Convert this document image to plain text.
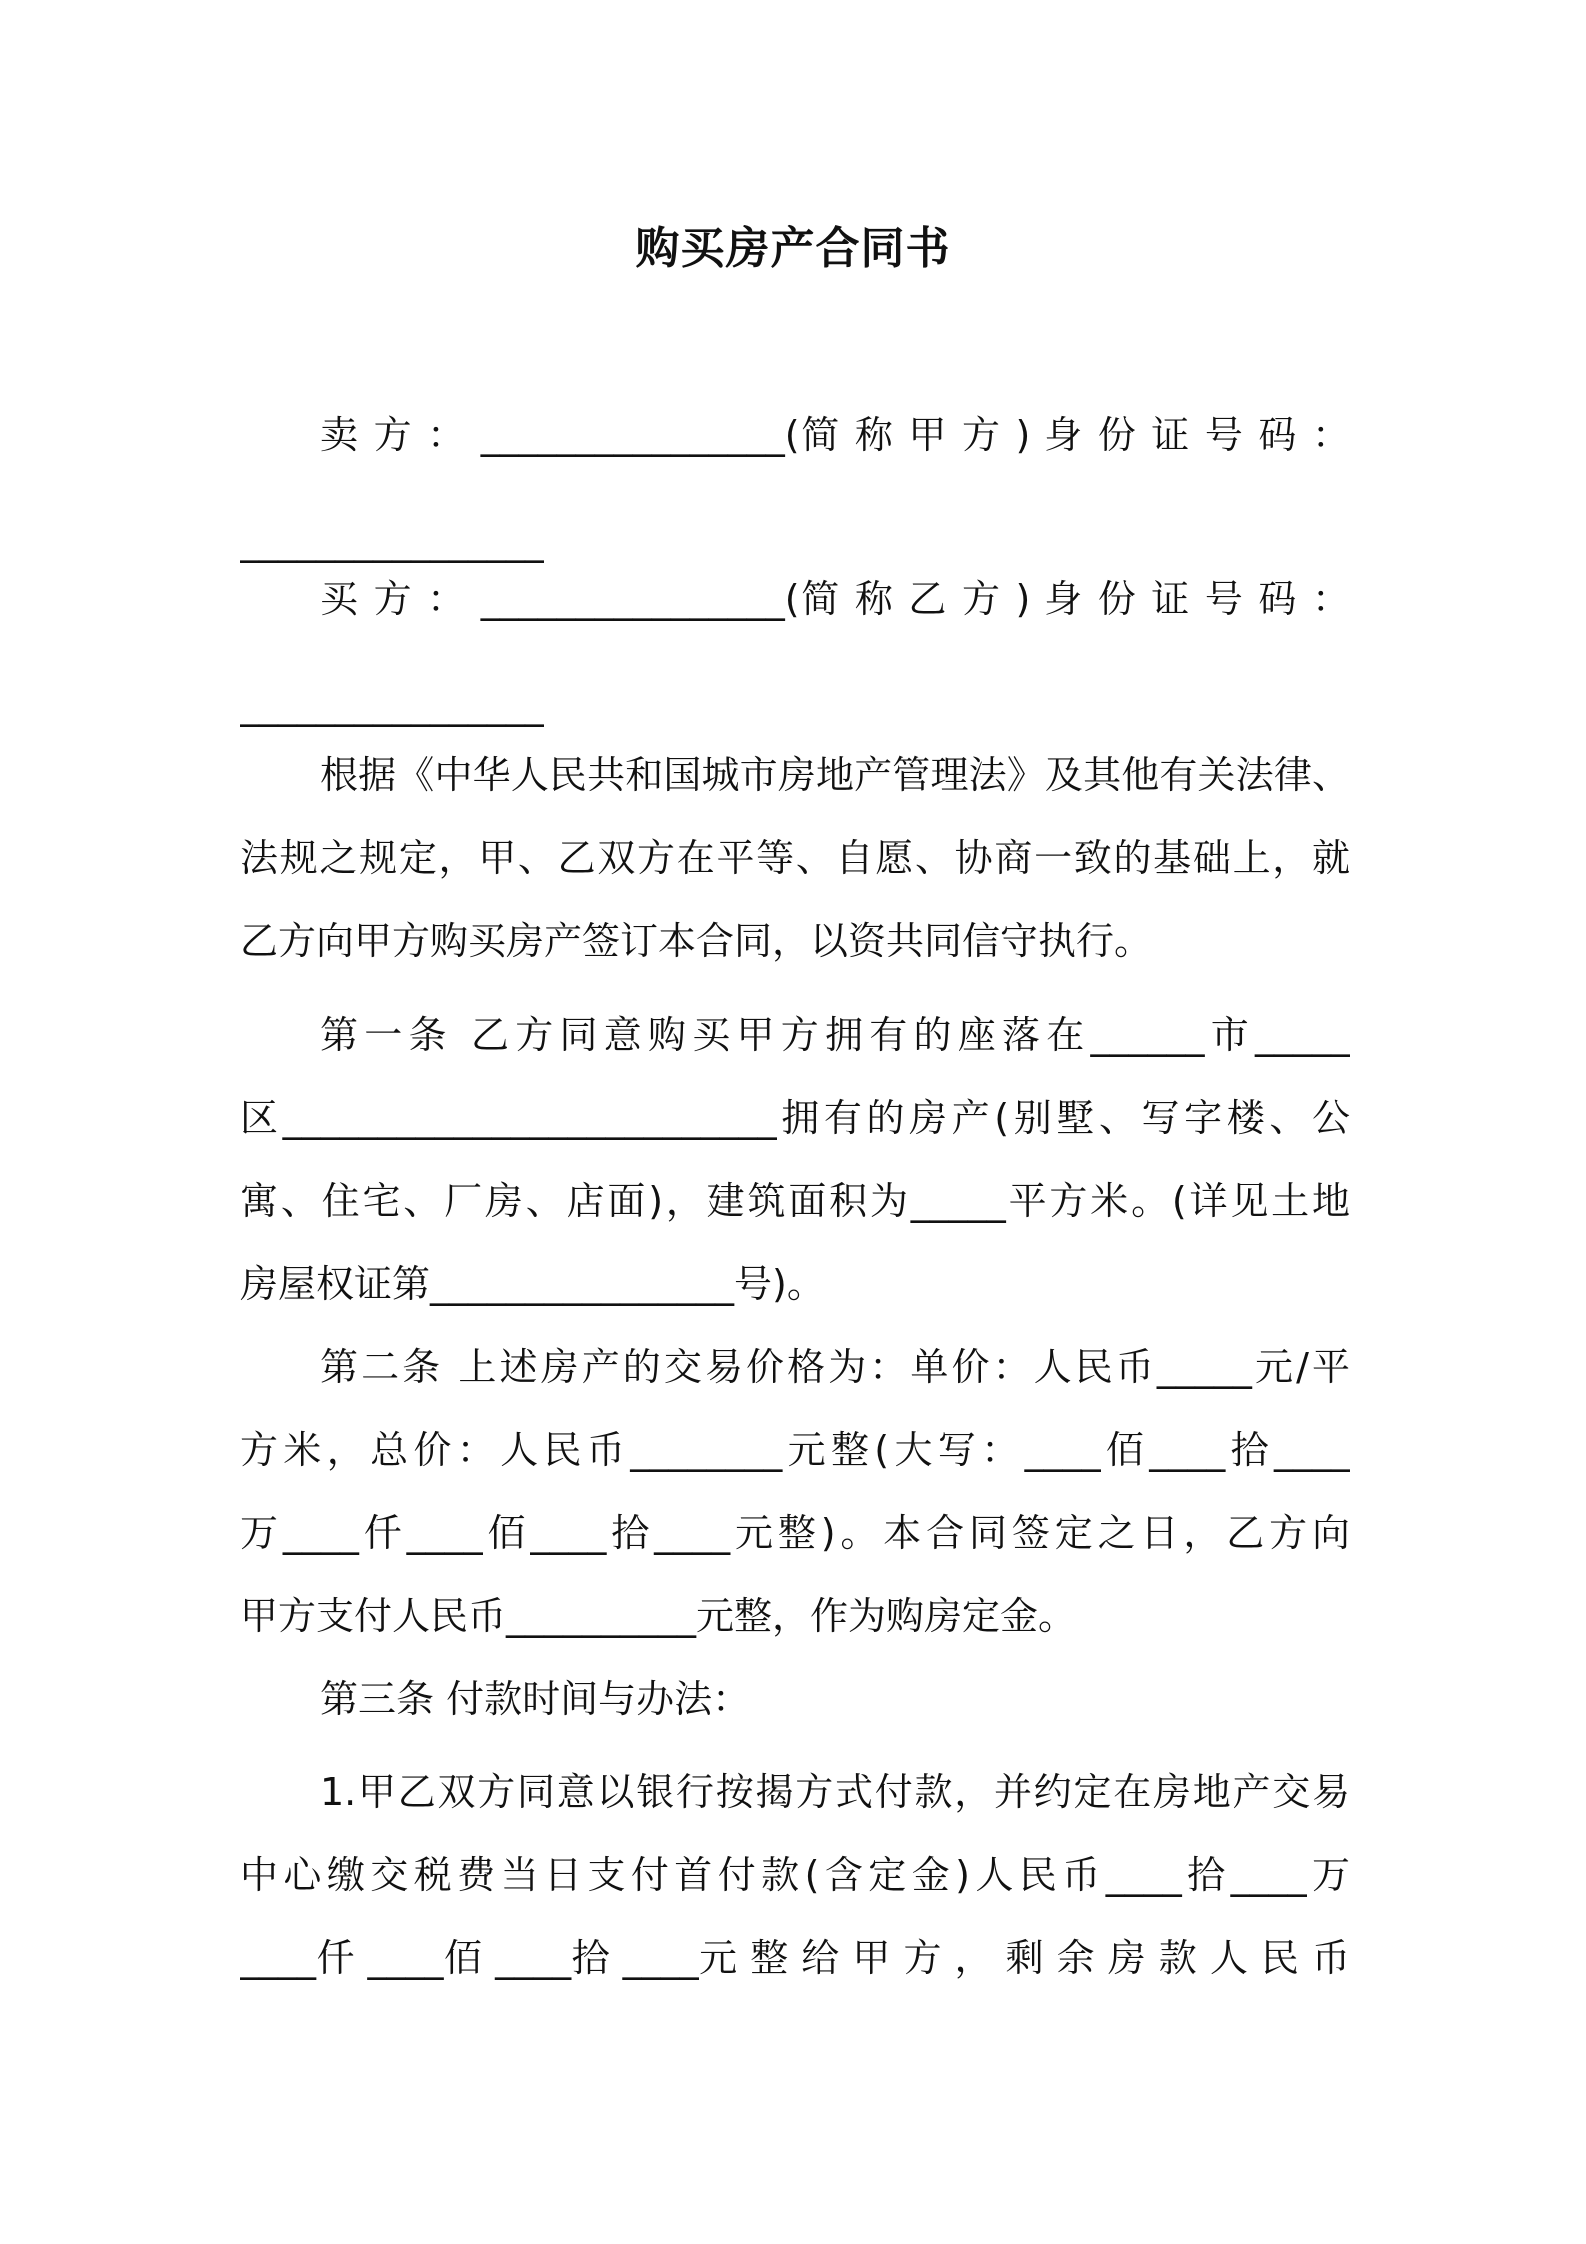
购买房产合同书
卖 方 ： ________________(简 称 甲 方 ) 身 份 证 号 码 ：
________________
买 方 ： ________________(简 称 乙 方 ) 身 份 证 号 码 ：
________________
根据《中华人民共和国城市房地产管理法》及其他有关法律、
法规之规定，甲、乙双方在平等、自愿、协商一致的基础上，就
乙方向甲方购买房产签订本合同，以资共同信守执行。
第一条 乙方同意购买甲方拥有的座落在______市_____
区__________________________拥有的房产(别墅、写字楼、公
寓、住宅、厂房、店面)，建筑面积为_____平方米。(详见土地
房屋权证第________________号)。
第二条 上述房产的交易价格为：单价：人民币_____元/平
方米，总价：人民币________元整(大写：____佰____拾____
万____仟____佰____拾____元整)。本合同签定之日，乙方向
甲方支付人民币__________元整，作为购房定金。
第三条 付款时间与办法：
1.甲乙双方同意以银行按揭方式付款，并约定在房地产交易
中心缴交税费当日支付首付款(含定金)人民币____拾____万
____仟 ____佰 ____拾 ____元 整 给 甲 方 ， 剩 余 房 款 人 民 币
